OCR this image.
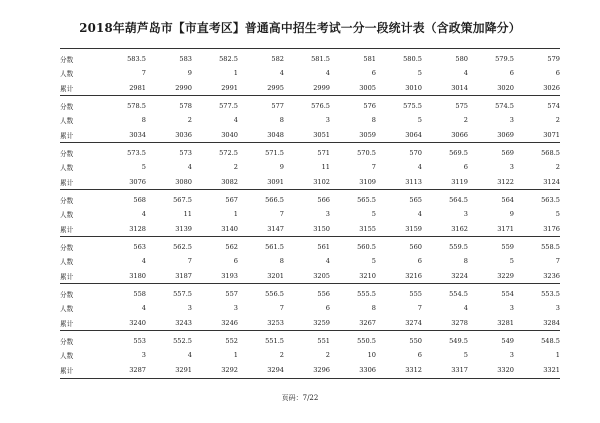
2018年葫芦岛市【市直考区】普通高中招生考试一分一段统计表（含政策加降分）
分数	583.5	583	582.5	582	581.5	581	580.5	580	579.5	579
人数	7	9	1	4	4	6	5	4	6	6
累计	2981	2990	2991	2995	2999	3005	3010	3014	3020	3026
分数	578.5	578	577.5	577	576.5	576	575.5	575	574.5	574
人数	8	2	4	8	3	8	5	2	3	2
累计	3034	3036	3040	3048	3051	3059	3064	3066	3069	3071
分数	573.5	573	572.5	571.5	571	570.5	570	569.5	569	568.5
人数	5	4	2	9	11	7	4	6	3	2
累计	3076	3080	3082	3091	3102	3109	3113	3119	3122	3124
分数	568	567.5	567	566.5	566	565.5	565	564.5	564	563.5
人数	4	11	1	7	3	5	4	3	9	5
累计	3128	3139	3140	3147	3150	3155	3159	3162	3171	3176
分数	563	562.5	562	561.5	561	560.5	560	559.5	559	558.5
人数	4	7	6	8	4	5	6	8	5	7
累计	3180	3187	3193	3201	3205	3210	3216	3224	3229	3236
分数	558	557.5	557	556.5	556	555.5	555	554.5	554	553.5
人数	4	3	3	7	6	8	7	4	3	3
累计	3240	3243	3246	3253	3259	3267	3274	3278	3281	3284
分数	553	552.5	552	551.5	551	550.5	550	549.5	549	548.5
人数	3	4	1	2	2	10	6	5	3	1
累计	3287	3291	3292	3294	3296	3306	3312	3317	3320	3321
页码：7/22
